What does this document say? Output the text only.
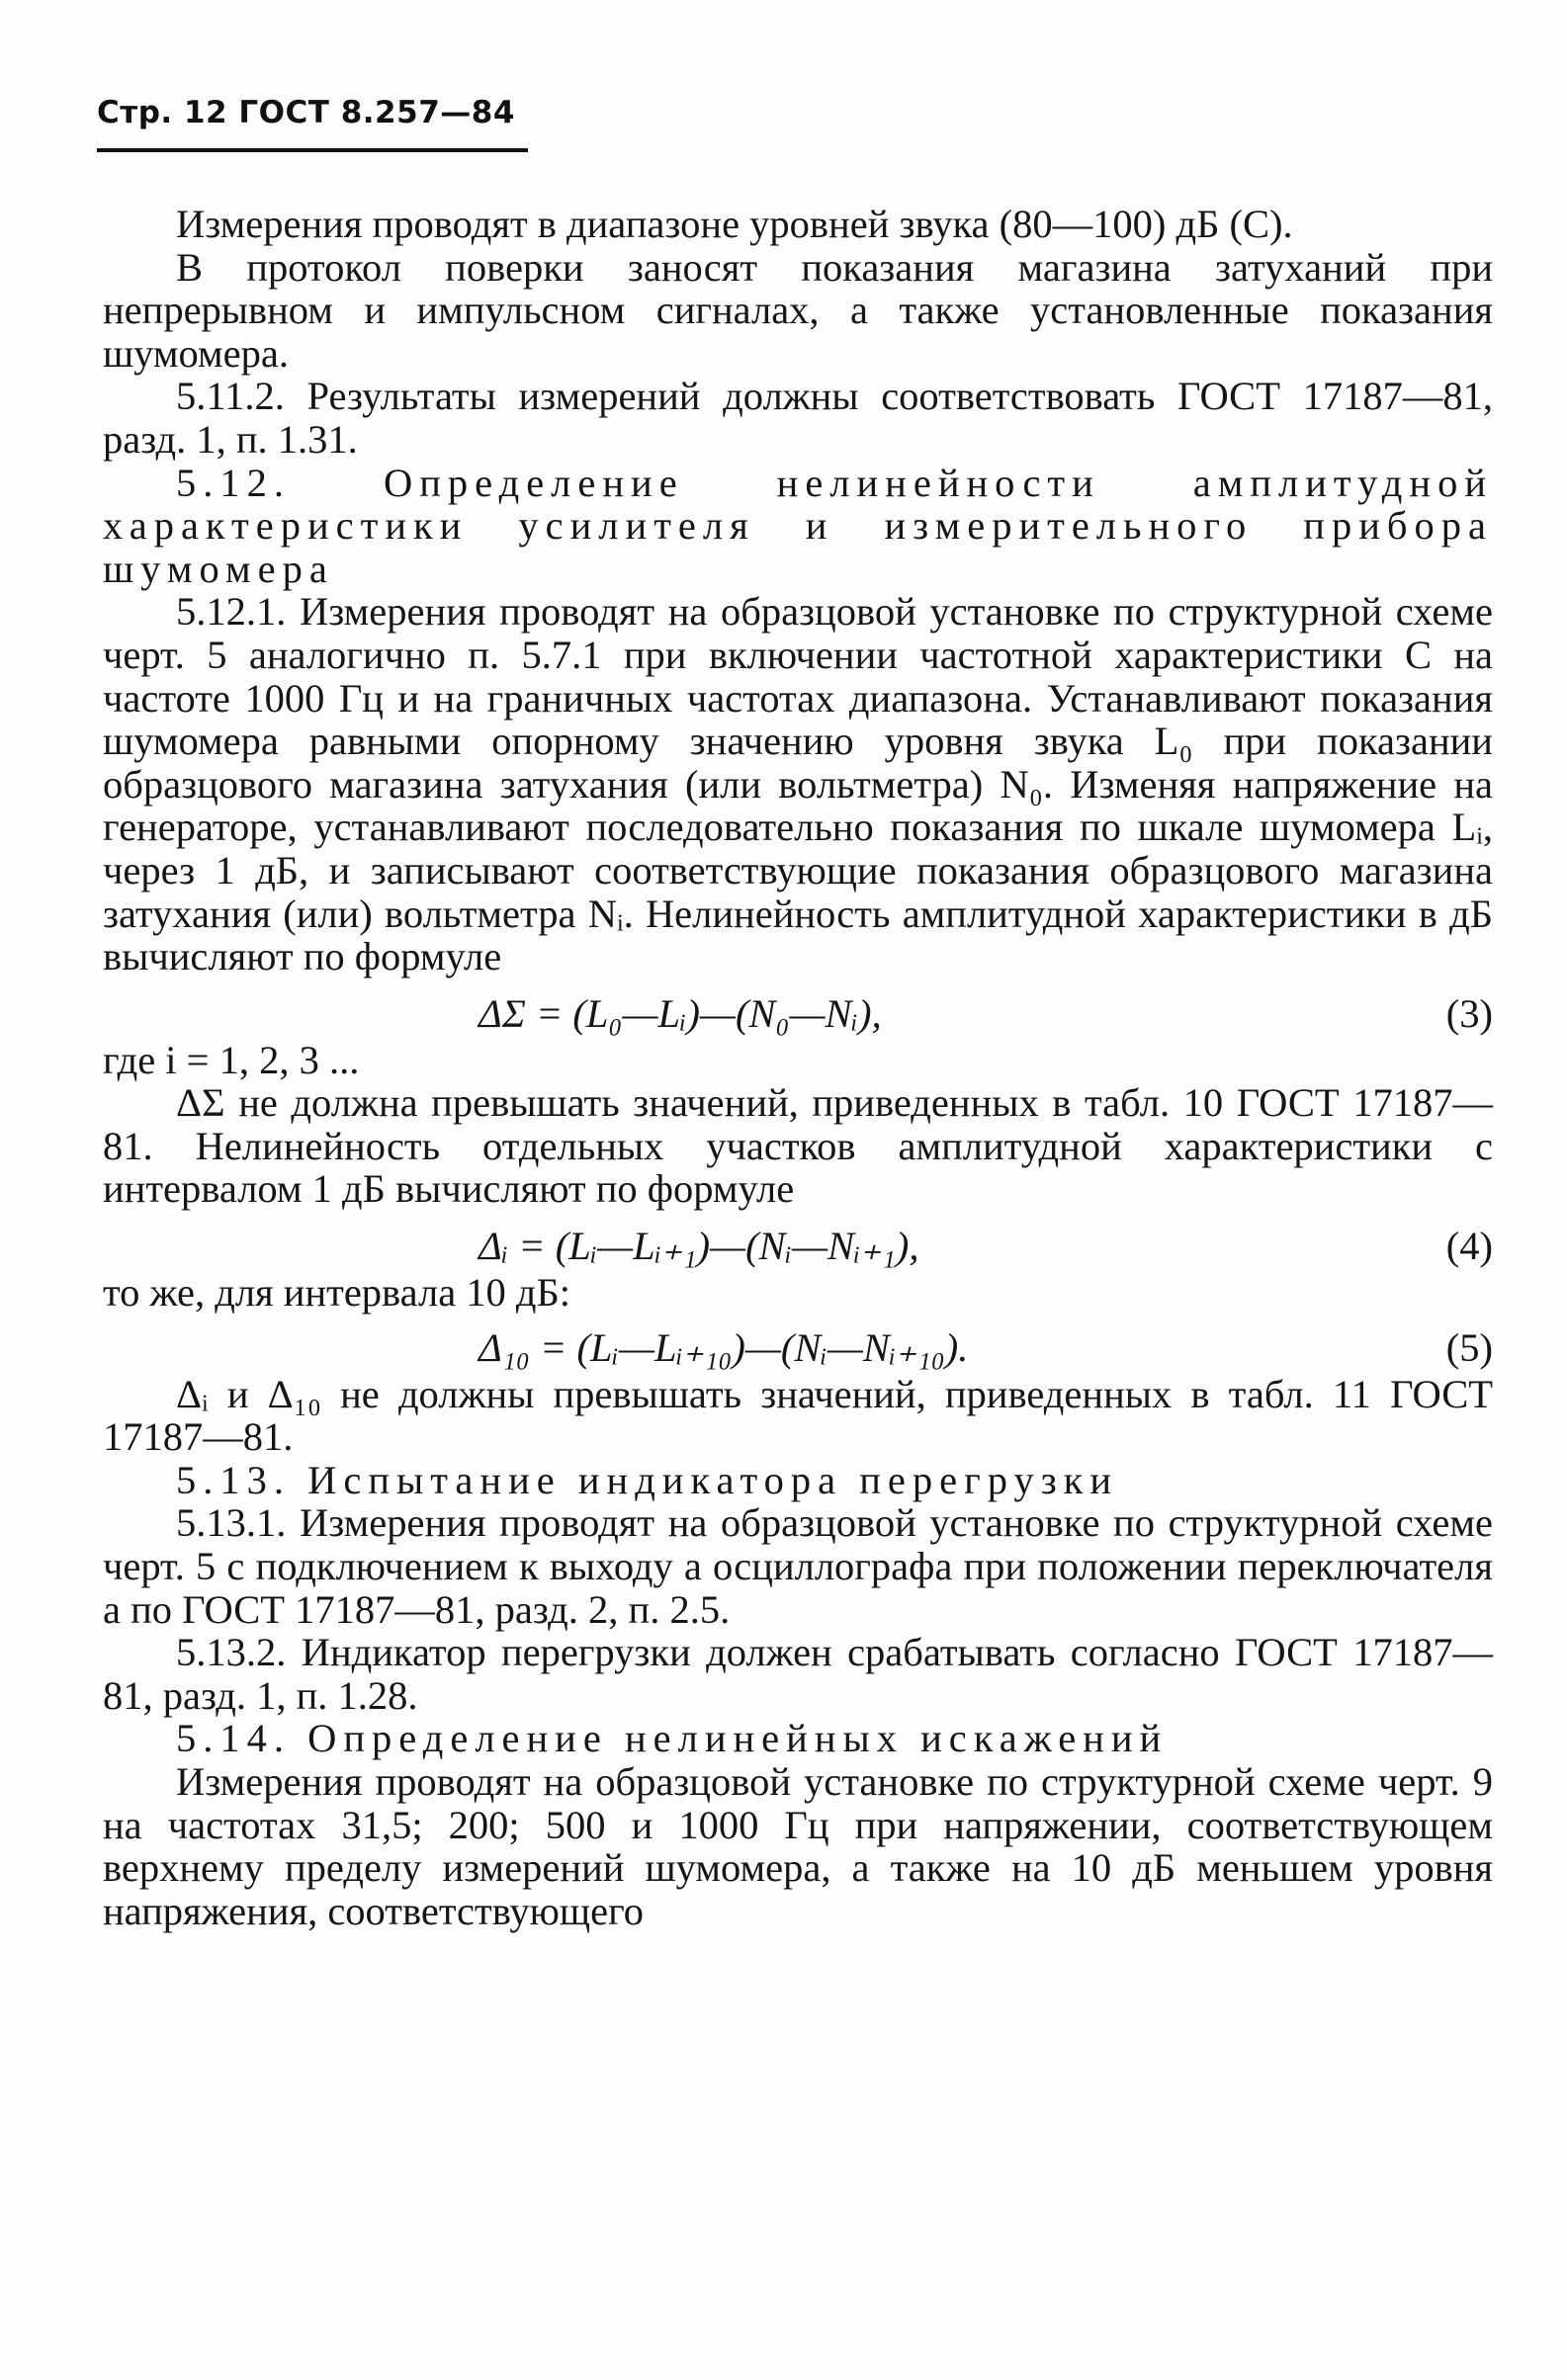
Стр. 12 ГОСТ 8.257—84

Измерения проводят в диапазоне уровней звука (80—100) дБ (С).

В протокол поверки заносят показания магазина затуханий при непрерывном и импульсном сигналах, а также установленные показания шумомера.

5.11.2. Результаты измерений должны соответствовать ГОСТ 17187—81, разд. 1, п. 1.31.

5.12. Определение нелинейности амплитудной характеристики усилителя и измерительного прибора шумомера

5.12.1. Измерения проводят на образцовой установке по структурной схеме черт. 5 аналогично п. 5.7.1 при включении частотной характеристики С на частоте 1000 Гц и на граничных частотах диапазона. Устанавливают показания шумомера равными опорному значению уровня звука L₀ при показании образцового магазина затухания (или вольтметра) N₀. Изменяя напряжение на генераторе, устанавливают последовательно показания по шкале шумомера Lᵢ, через 1 дБ, и записывают соответствующие показания образцового магазина затухания (или) вольтметра Nᵢ. Нелинейность амплитудной характеристики в дБ вычисляют по формуле

ΔΣ = (L₀—Lᵢ)—(N₀—Nᵢ),	(3)

где i = 1, 2, 3 ...

ΔΣ не должна превышать значений, приведенных в табл. 10 ГОСТ 17187—81. Нелинейность отдельных участков амплитудной характеристики с интервалом 1 дБ вычисляют по формуле

Δᵢ = (Lᵢ—Lᵢ₊₁)—(Nᵢ—Nᵢ₊₁),	(4)

то же, для интервала 10 дБ:

Δ₁₀ = (Lᵢ—Lᵢ₊₁₀)—(Nᵢ—Nᵢ₊₁₀).	(5)

Δᵢ и Δ₁₀ не должны превышать значений, приведенных в табл. 11 ГОСТ 17187—81.

5.13. Испытание индикатора перегрузки

5.13.1. Измерения проводят на образцовой установке по структурной схеме черт. 5 с подключением к выходу a осциллографа при положении переключателя a по ГОСТ 17187—81, разд. 2, п. 2.5.

5.13.2. Индикатор перегрузки должен срабатывать согласно ГОСТ 17187—81, разд. 1, п. 1.28.

5.14. Определение нелинейных искажений

Измерения проводят на образцовой установке по структурной схеме черт. 9 на частотах 31,5; 200; 500 и 1000 Гц при напряжении, соответствующем верхнему пределу измерений шумомера, а также на 10 дБ меньшем уровня напряжения, соответствующего
